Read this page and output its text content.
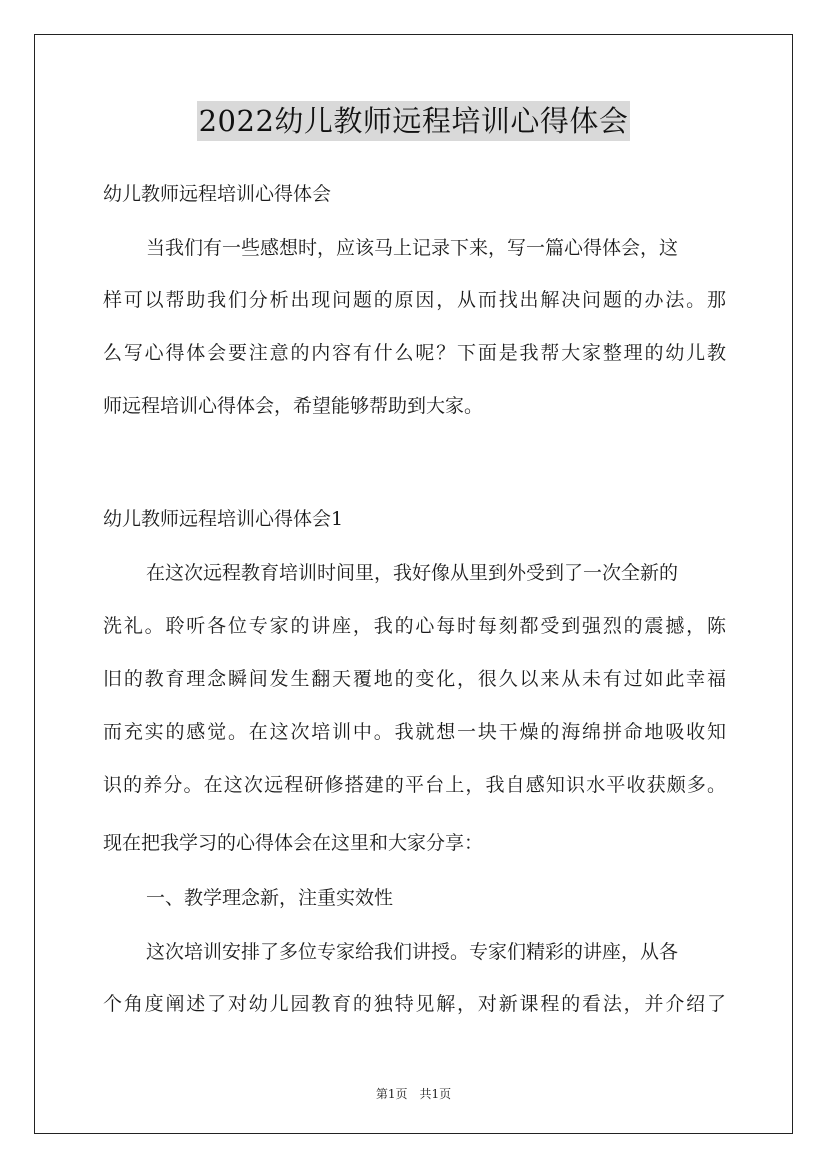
2022幼儿教师远程培训心得体会
幼儿教师远程培训心得体会
当我们有一些感想时，应该马上记录下来，写一篇心得体会，这
样可以帮助我们分析出现问题的原因，从而找出解决问题的办法。那
么写心得体会要注意的内容有什么呢？下面是我帮大家整理的幼儿教
师远程培训心得体会，希望能够帮助到大家。
幼儿教师远程培训心得体会1
在这次远程教育培训时间里，我好像从里到外受到了一次全新的
洗礼。聆听各位专家的讲座，我的心每时每刻都受到强烈的震撼，陈
旧的教育理念瞬间发生翻天覆地的变化，很久以来从未有过如此幸福
而充实的感觉。在这次培训中。我就想一块干燥的海绵拼命地吸收知
识的养分。在这次远程研修搭建的平台上，我自感知识水平收获颇多。
现在把我学习的心得体会在这里和大家分享：
一、教学理念新，注重实效性
这次培训安排了多位专家给我们讲授。专家们精彩的讲座，从各
个角度阐述了对幼儿园教育的独特见解，对新课程的看法，并介绍了
第1页　共1页
